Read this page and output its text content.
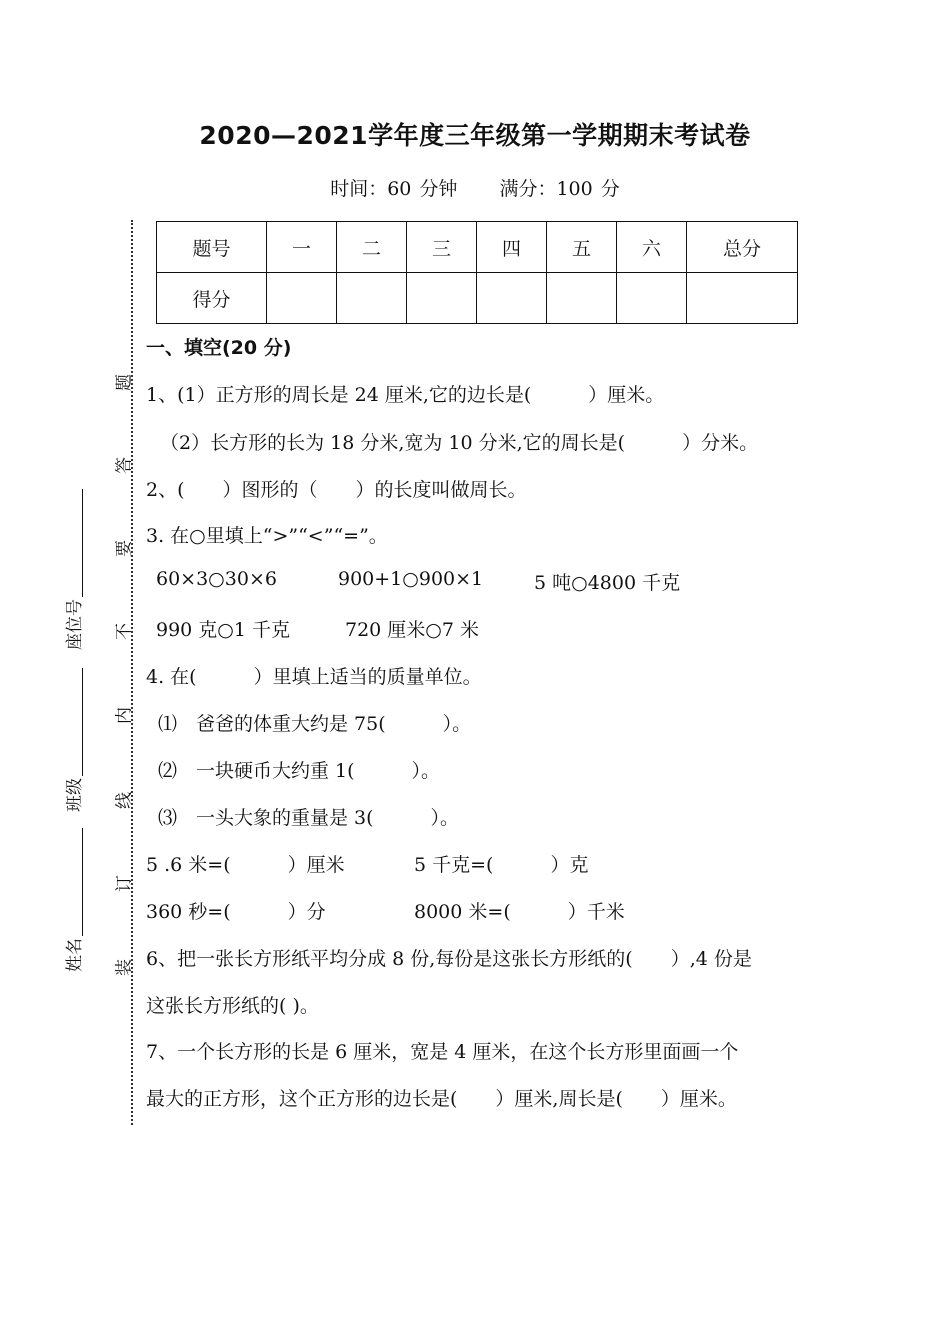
2020—2021学年度三年级第一学期期末考试卷
时间：60 分钟 满分：100 分
题号	一	二	三	四	五	六	总分
得分							
题
答
要
不
内
线
订
装
座位号
班级
姓名
一、填空(20 分)
1、(1）正方形的周长是 24 厘米,它的边长是(　　　）厘米。
（2）长方形的长为 18 分米,宽为 10 分米,它的周长是(　　　）分米。
2、(　　）图形的（　　）的长度叫做周长。
3. 在○里填上“>”“<”“=”。
60×3○30×6	900+1○900×1	5 吨○4800 千克
990 克○1 千克	720 厘米○7 米
4. 在(　　　）里填上适当的质量单位。
⑴　爸爸的体重大约是 75(　　　）。
⑵　一块硬币大约重 1(　　　）。
⑶　一头大象的重量是 3(　　　）。
5 .6 米=(　　　）厘米	5 千克=(　　　）克
360 秒=(　　　）分	8000 米=(　　　）千米
6、把一张长方形纸平均分成 8 份,每份是这张长方形纸的(　　）,4 份是
这张长方形纸的( )。
7、一个长方形的长是 6 厘米，宽是 4 厘米，在这个长方形里面画一个
最大的正方形，这个正方形的边长是(　　）厘米,周长是(　　）厘米。
